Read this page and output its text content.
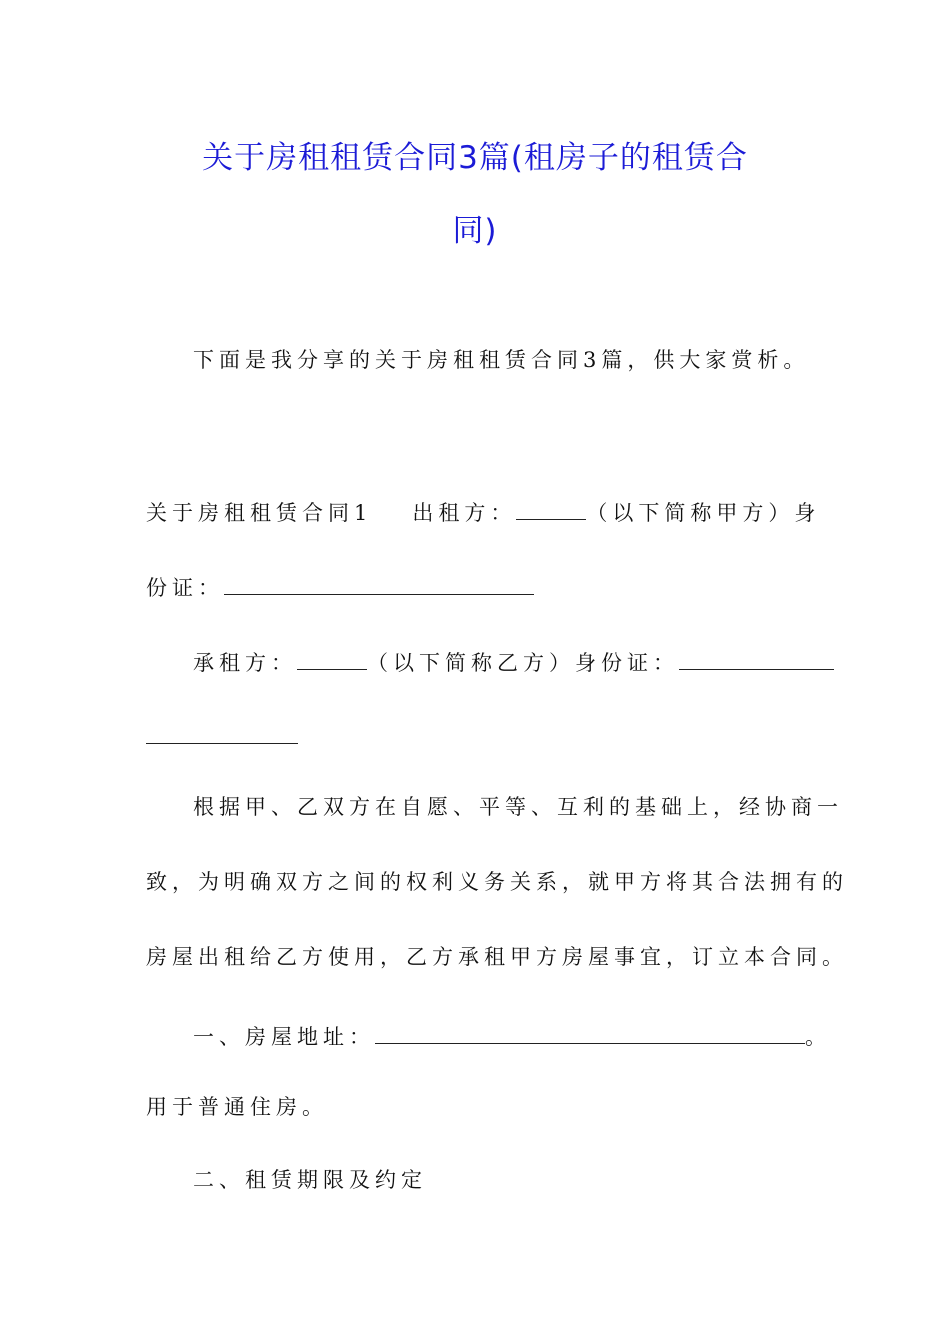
关于房租租赁合同3篇(租房子的租赁合
同)
下面是我分享的关于房租租赁合同3篇，供大家赏析。
关于房租租赁合同1 出租方：	（以下简称甲方）身
份证：
承租方：	（以下简称乙方）身份证：
根据甲、乙双方在自愿、平等、互利的基础上，经协商一
致，为明确双方之间的权利义务关系，就甲方将其合法拥有的
房屋出租给乙方使用，乙方承租甲方房屋事宜，订立本合同。
一、房屋地址：	。
用于普通住房。
二、租赁期限及约定
